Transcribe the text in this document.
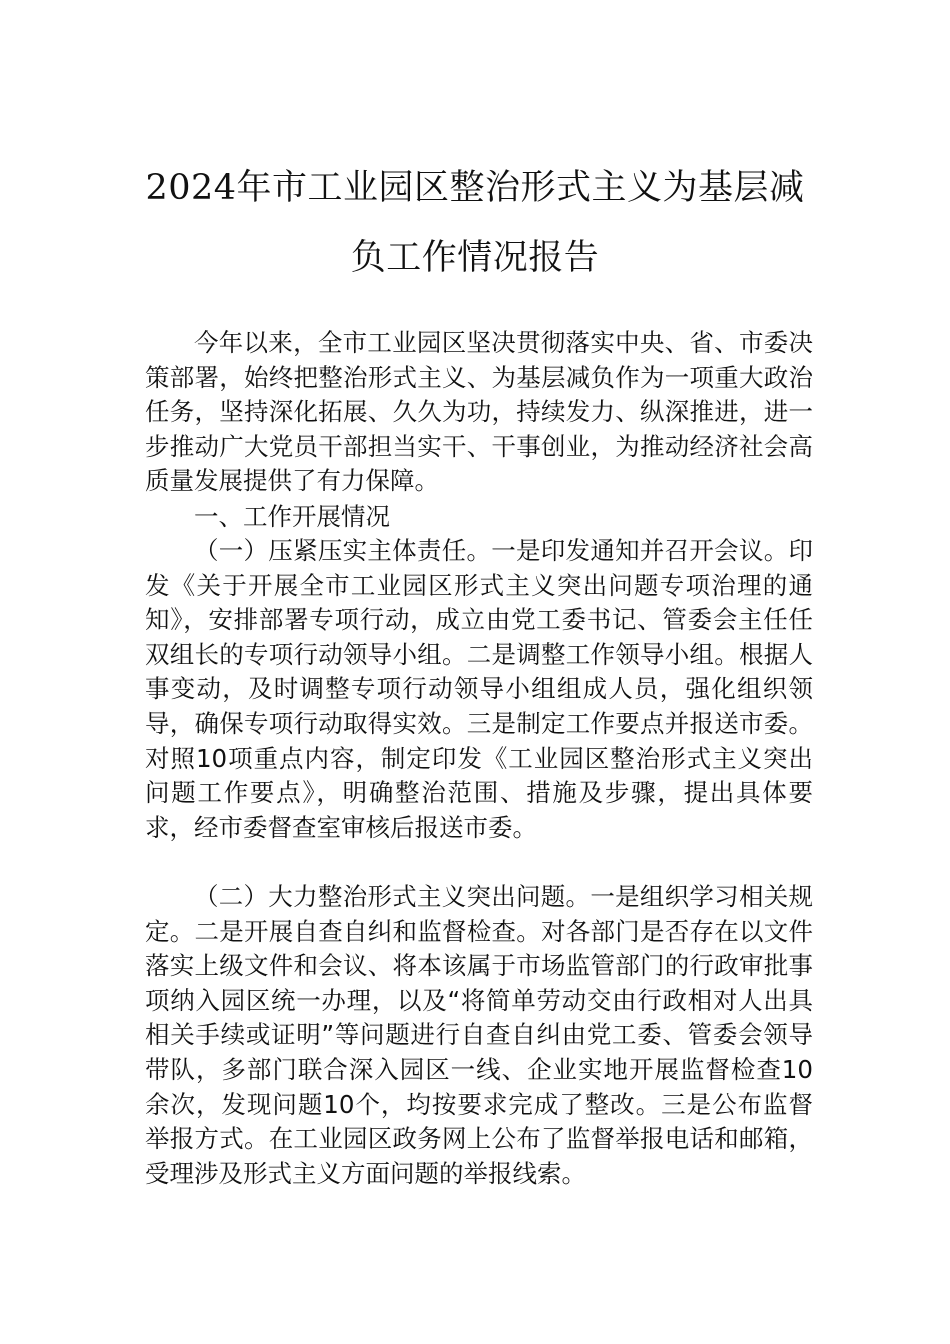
2024年市工业园区整治形式主义为基层减
负工作情况报告

今年以来，全市工业园区坚决贯彻落实中央、省、市委决策部署，始终把整治形式主义、为基层减负作为一项重大政治任务，坚持深化拓展、久久为功，持续发力、纵深推进，进一步推动广大党员干部担当实干、干事创业，为推动经济社会高质量发展提供了有力保障。

一、工作开展情况

（一）压紧压实主体责任。一是印发通知并召开会议。印发《关于开展全市工业园区形式主义突出问题专项治理的通知》，安排部署专项行动，成立由党工委书记、管委会主任任双组长的专项行动领导小组。二是调整工作领导小组。根据人事变动，及时调整专项行动领导小组组成人员，强化组织领导，确保专项行动取得实效。三是制定工作要点并报送市委。对照10项重点内容，制定印发《工业园区整治形式主义突出问题工作要点》，明确整治范围、措施及步骤，提出具体要求，经市委督查室审核后报送市委。

（二）大力整治形式主义突出问题。一是组织学习相关规定。二是开展自查自纠和监督检查。对各部门是否存在以文件落实上级文件和会议、将本该属于市场监管部门的行政审批事项纳入园区统一办理，以及“将简单劳动交由行政相对人出具相关手续或证明”等问题进行自查自纠由党工委、管委会领导带队，多部门联合深入园区一线、企业实地开展监督检查10余次，发现问题10个，均按要求完成了整改。三是公布监督举报方式。在工业园区政务网上公布了监督举报电话和邮箱，受理涉及形式主义方面问题的举报线索。
